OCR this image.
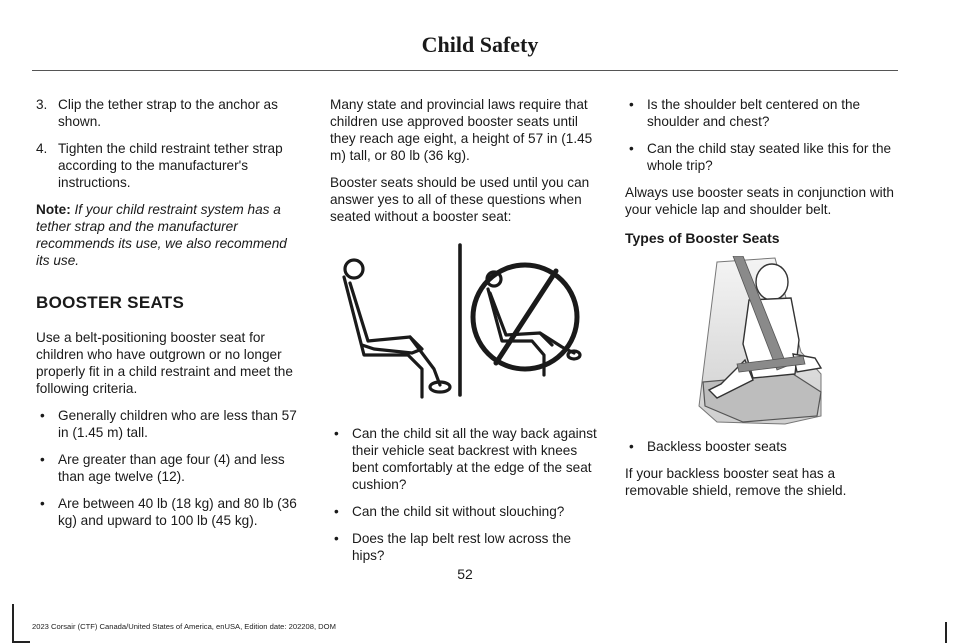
Child Safety
3. Clip the tether strap to the anchor as shown.

4. Tighten the child restraint tether strap according to the manufacturer's instructions.

Note: If your child restraint system has a tether strap and the manufacturer recommends its use, we also recommend its use.

BOOSTER SEATS

Use a belt-positioning booster seat for children who have outgrown or no longer properly fit in a child restraint and meet the following criteria.

• Generally children who are less than 57 in (1.45 m) tall.

• Are greater than age four (4) and less than age twelve (12).

• Are between 40 lb (18 kg) and 80 lb (36 kg) and upward to 100 lb (45 kg).

Many state and provincial laws require that children use approved booster seats until they reach age eight, a height of 57 in (1.45 m) tall, or 80 lb (36 kg).

Booster seats should be used until you can answer yes to all of these questions when seated without a booster seat:

• Can the child sit all the way back against their vehicle seat backrest with knees bent comfortably at the edge of the seat cushion?

• Can the child sit without slouching?

• Does the lap belt rest low across the hips?

• Is the shoulder belt centered on the shoulder and chest?

• Can the child stay seated like this for the whole trip?

Always use booster seats in conjunction with your vehicle lap and shoulder belt.

Types of Booster Seats
• Backless booster seats

If your backless booster seat has a removable shield, remove the shield.

52
2023 Corsair (CTF) Canada/United States of America, enUSA, Edition date: 202208, DOM
